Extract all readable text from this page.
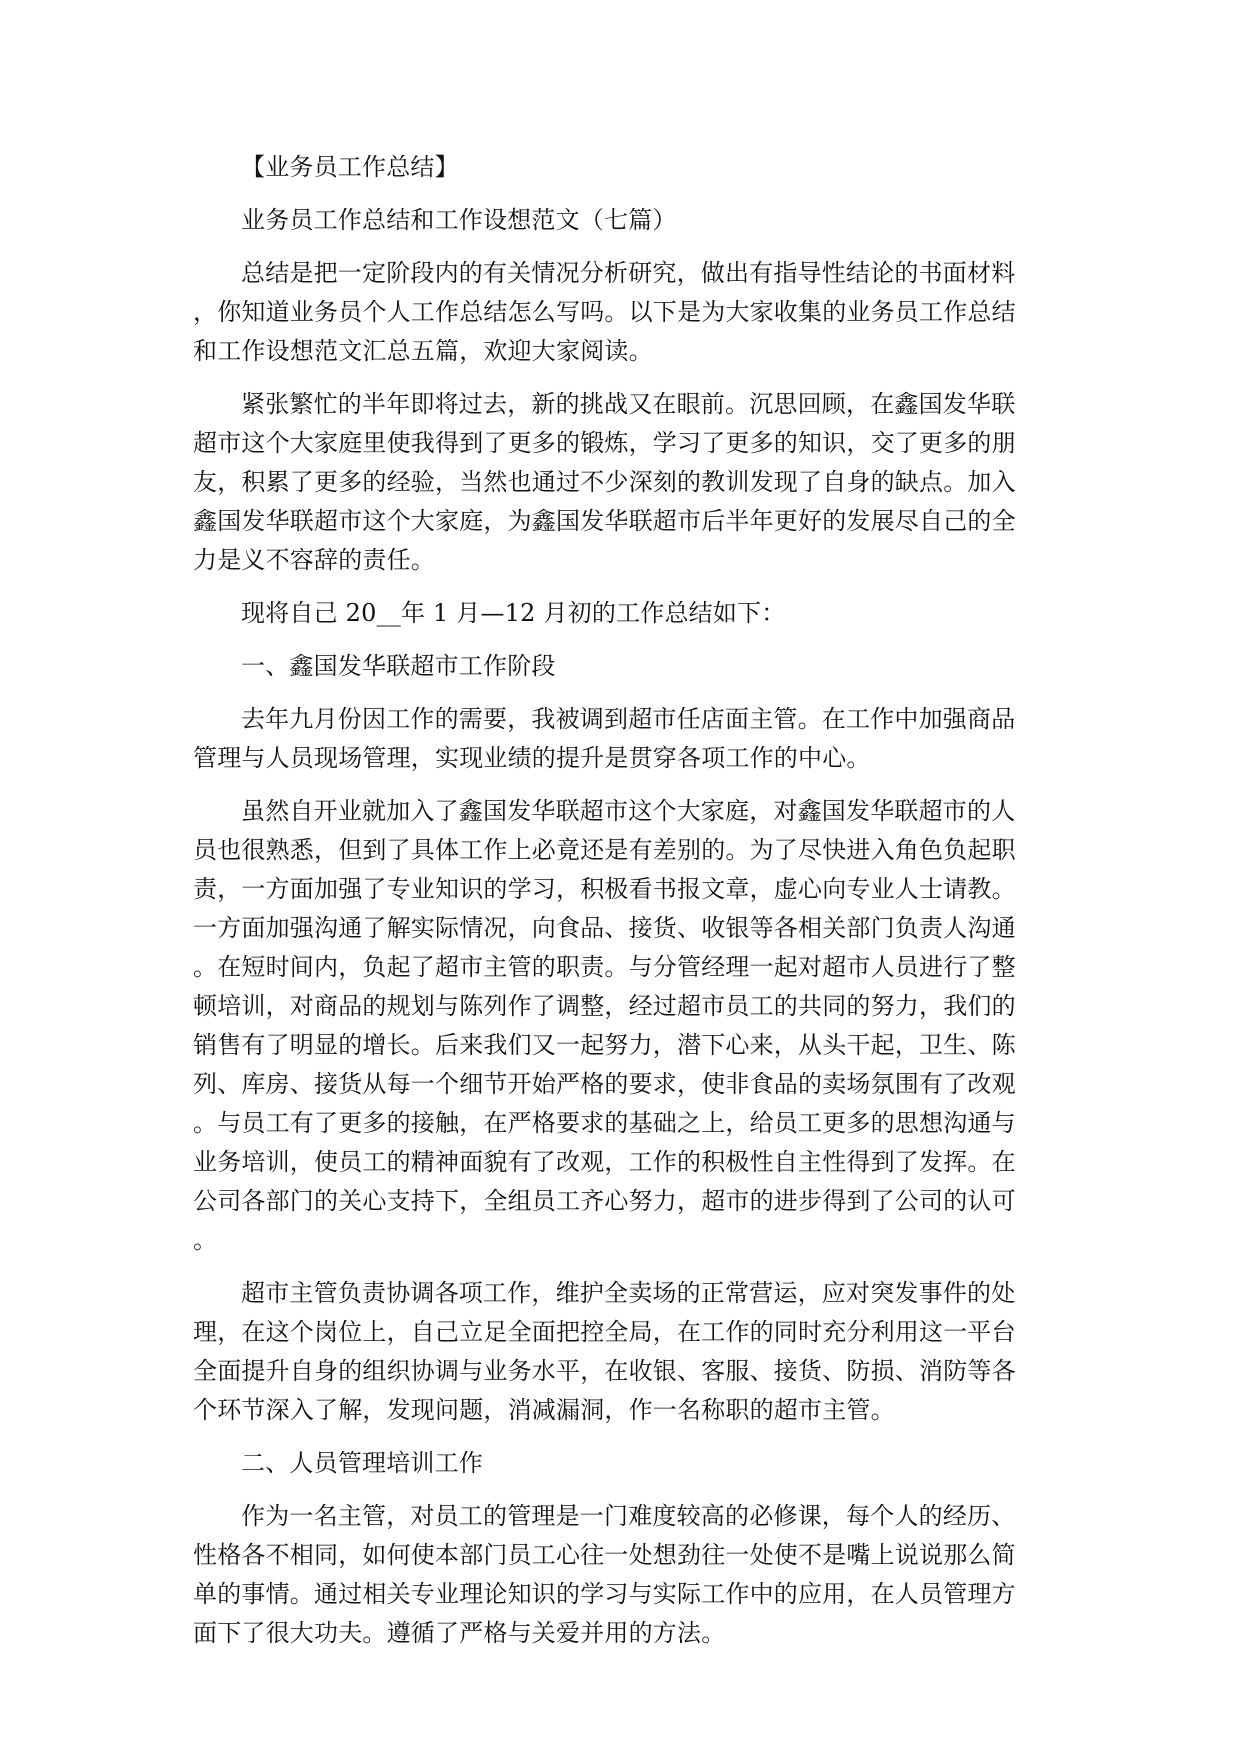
【业务员工作总结】
业务员工作总结和工作设想范文（七篇）
总结是把一定阶段内的有关情况分析研究，做出有指导性结论的书面材料
，你知道业务员个人工作总结怎么写吗。以下是为大家收集的业务员工作总结
和工作设想范文汇总五篇，欢迎大家阅读。
紧张繁忙的半年即将过去，新的挑战又在眼前。沉思回顾，在鑫国发华联
超市这个大家庭里使我得到了更多的锻炼，学习了更多的知识，交了更多的朋
友，积累了更多的经验，当然也通过不少深刻的教训发现了自身的缺点。加入
鑫国发华联超市这个大家庭，为鑫国发华联超市后半年更好的发展尽自己的全
力是义不容辞的责任。
现将自己 20__年 1 月—12 月初的工作总结如下：
一、鑫国发华联超市工作阶段
去年九月份因工作的需要，我被调到超市任店面主管。在工作中加强商品
管理与人员现场管理，实现业绩的提升是贯穿各项工作的中心。
虽然自开业就加入了鑫国发华联超市这个大家庭，对鑫国发华联超市的人
员也很熟悉，但到了具体工作上必竟还是有差别的。为了尽快进入角色负起职
责，一方面加强了专业知识的学习，积极看书报文章，虚心向专业人士请教。
一方面加强沟通了解实际情况，向食品、接货、收银等各相关部门负责人沟通
。在短时间内，负起了超市主管的职责。与分管经理一起对超市人员进行了整
顿培训，对商品的规划与陈列作了调整，经过超市员工的共同的努力，我们的
销售有了明显的增长。后来我们又一起努力，潜下心来，从头干起，卫生、陈
列、库房、接货从每一个细节开始严格的要求，使非食品的卖场氛围有了改观
。与员工有了更多的接触，在严格要求的基础之上，给员工更多的思想沟通与
业务培训，使员工的精神面貌有了改观，工作的积极性自主性得到了发挥。在
公司各部门的关心支持下，全组员工齐心努力，超市的进步得到了公司的认可
。
超市主管负责协调各项工作，维护全卖场的正常营运，应对突发事件的处
理，在这个岗位上，自己立足全面把控全局，在工作的同时充分利用这一平台
全面提升自身的组织协调与业务水平，在收银、客服、接货、防损、消防等各
个环节深入了解，发现问题，消减漏洞，作一名称职的超市主管。
二、人员管理培训工作
作为一名主管，对员工的管理是一门难度较高的必修课，每个人的经历、
性格各不相同，如何使本部门员工心往一处想劲往一处使不是嘴上说说那么简
单的事情。通过相关专业理论知识的学习与实际工作中的应用，在人员管理方
面下了很大功夫。遵循了严格与关爱并用的方法。
